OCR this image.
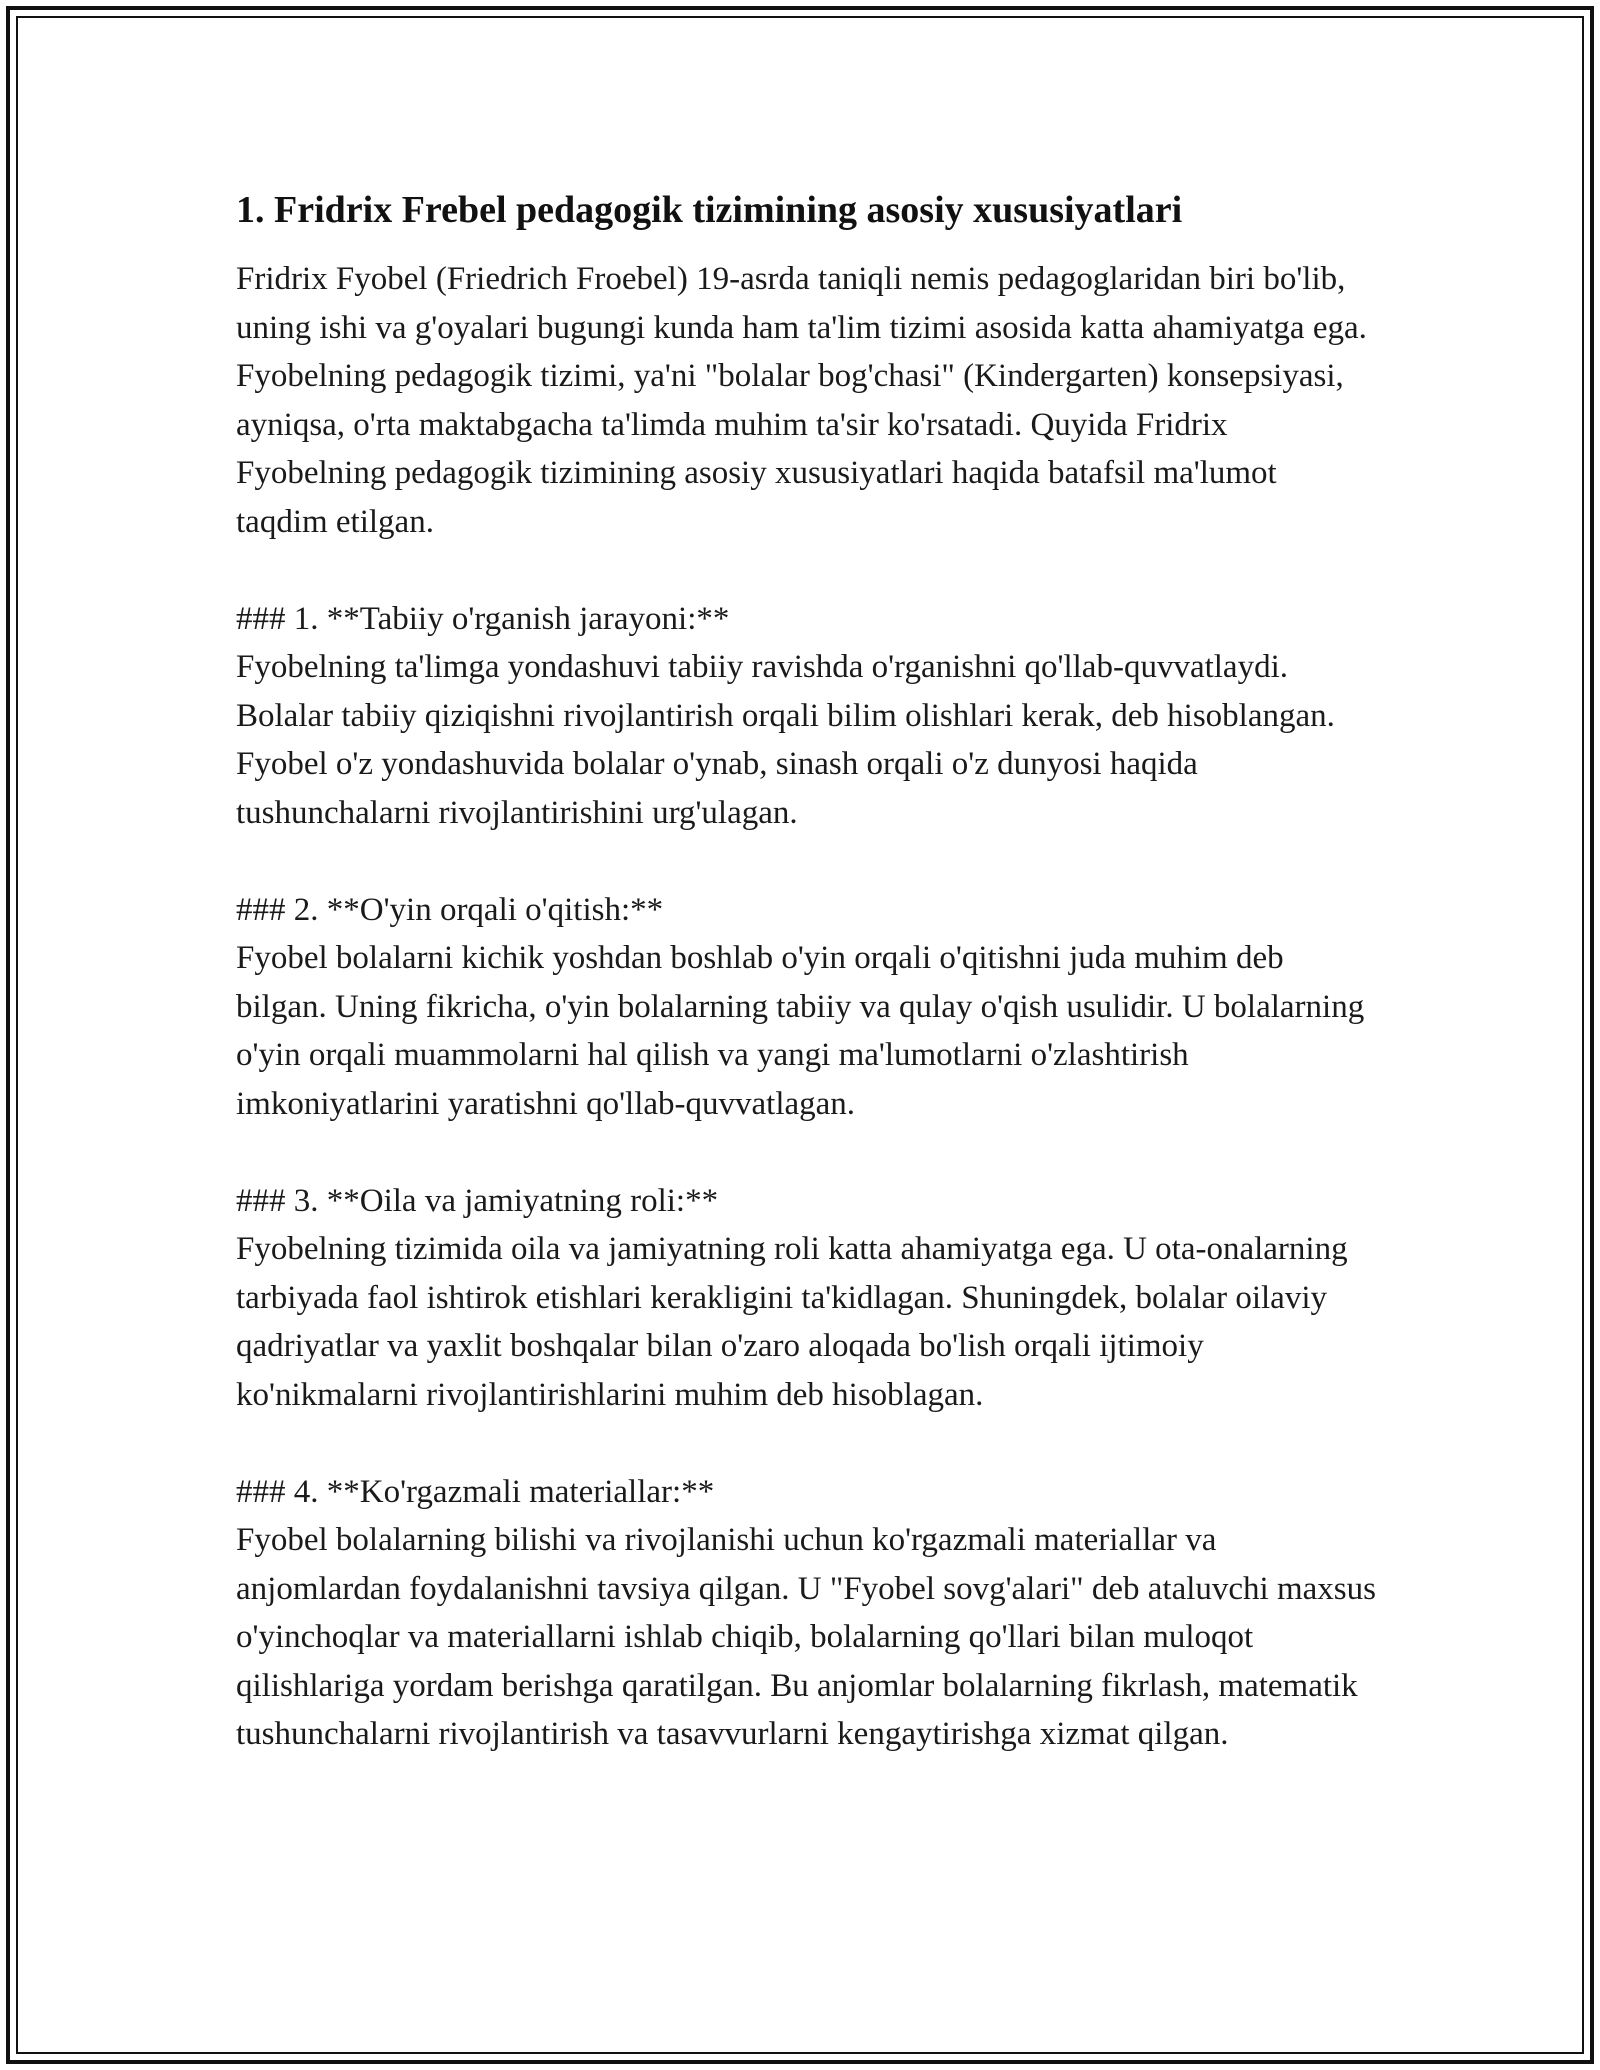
1. Fridrix Frebel pedagogik tizimining asosiy xususiyatlari

Fridrix Fyobel (Friedrich Froebel) 19-asrda taniqli nemis pedagoglaridan biri bo'lib, uning ishi va g'oyalari bugungi kunda ham ta'lim tizimi asosida katta ahamiyatga ega. Fyobelning pedagogik tizimi, ya'ni "bolalar bog'chasi" (Kindergarten) konsepsiyasi, ayniqsa, o'rta maktabgacha ta'limda muhim ta'sir ko'rsatadi. Quyida Fridrix Fyobelning pedagogik tizimining asosiy xususiyatlari haqida batafsil ma'lumot taqdim etilgan.

### 1. **Tabiiy o'rganish jarayoni:**

Fyobelning ta'limga yondashuvi tabiiy ravishda o'rganishni qo'llab-quvvatlaydi. Bolalar tabiiy qiziqishni rivojlantirish orqali bilim olishlari kerak, deb hisoblangan. Fyobel o'z yondashuvida bolalar o'ynab, sinash orqali o'z dunyosi haqida tushunchalarni rivojlantirishini urg'ulagan.

### 2. **O'yin orqali o'qitish:**

Fyobel bolalarni kichik yoshdan boshlab o'yin orqali o'qitishni juda muhim deb bilgan. Uning fikricha, o'yin bolalarning tabiiy va qulay o'qish usulidir. U bolalarning o'yin orqali muammolarni hal qilish va yangi ma'lumotlarni o'zlashtirish imkoniyatlarini yaratishni qo'llab-quvvatlagan.

### 3. **Oila va jamiyatning roli:**

Fyobelning tizimida oila va jamiyatning roli katta ahamiyatga ega. U ota-onalarning tarbiyada faol ishtirok etishlari kerakligini ta'kidlagan. Shuningdek, bolalar oilaviy qadriyatlar va yaxlit boshqalar bilan o'zaro aloqada bo'lish orqali ijtimoiy ko'nikmalarni rivojlantirishlarini muhim deb hisoblagan.

### 4. **Ko'rgazmali materiallar:**

Fyobel bolalarning bilishi va rivojlanishi uchun ko'rgazmali materiallar va anjomlardan foydalanishni tavsiya qilgan. U "Fyobel sovg'alari" deb ataluvchi maxsus o'yinchoqlar va materiallarni ishlab chiqib, bolalarning qo'llari bilan muloqot qilishlariga yordam berishga qaratilgan. Bu anjomlar bolalarning fikrlash, matematik tushunchalarni rivojlantirish va tasavvurlarni kengaytirishga xizmat qilgan.
